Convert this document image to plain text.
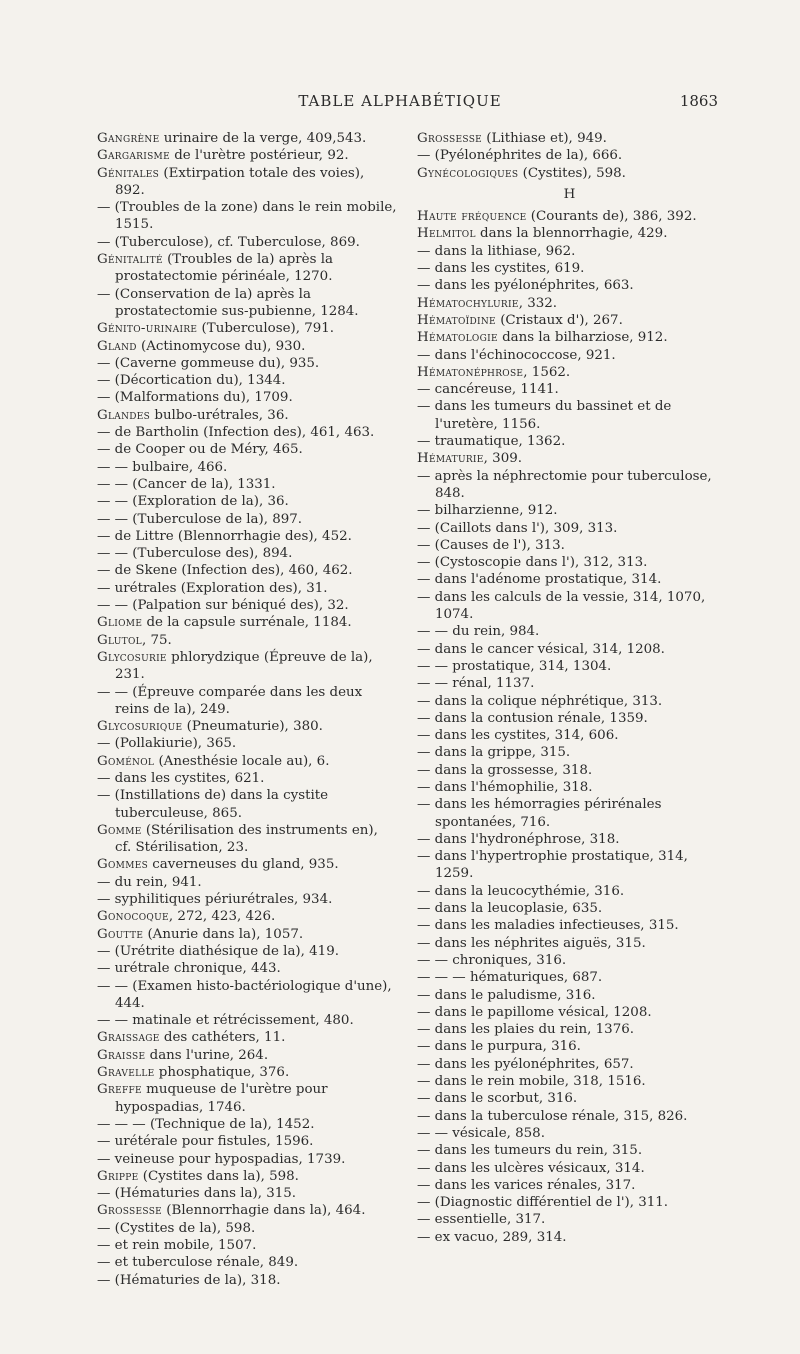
TABLE ALPHABÉTIQUE	1863

Gangrène urinaire de la verge, 409,543.

Gargarisme de l'urètre postérieur, 92.

Génitales (Extirpation totale des voies), 892.

— (Troubles de la zone) dans le rein mobile, 1515.

— (Tuberculose), cf. Tuberculose, 869.

Génitalité (Troubles de la) après la prostatectomie périnéale, 1270.

— (Conservation de la) après la prostatectomie sus-pubienne, 1284.

Génito-urinaire (Tuberculose), 791.

Gland (Actinomycose du), 930.

— (Caverne gommeuse du), 935.

— (Décortication du), 1344.

— (Malformations du), 1709.

Glandes bulbo-urétrales, 36.

— de Bartholin (Infection des), 461, 463.

— de Cooper ou de Méry, 465.

— — bulbaire, 466.

— — (Cancer de la), 1331.

— — (Exploration de la), 36.

— — (Tuberculose de la), 897.

— de Littre (Blennorrhagie des), 452.

— — (Tuberculose des), 894.

— de Skene (Infection des), 460, 462.

— urétrales (Exploration des), 31.

— — (Palpation sur béniqué des), 32.

Gliome de la capsule surrénale, 1184.

Glutol, 75.

Glycosurie phlorydzique (Épreuve de la), 231.

— — (Épreuve comparée dans les deux reins de la), 249.

Glycosurique (Pneumaturie), 380.

— (Pollakiurie), 365.

Goménol (Anesthésie locale au), 6.

— dans les cystites, 621.

— (Instillations de) dans la cystite tuberculeuse, 865.

Gomme (Stérilisation des instruments en), cf. Stérilisation, 23.

Gommes caverneuses du gland, 935.

— du rein, 941.

— syphilitiques périurétrales, 934.

Gonocoque, 272, 423, 426.

Goutte (Anurie dans la), 1057.

— (Urétrite diathésique de la), 419.

— urétrale chronique, 443.

— — (Examen histo-bactériologique d'une), 444.

— — matinale et rétrécissement, 480.

Graissage des cathéters, 11.

Graisse dans l'urine, 264.

Gravelle phosphatique, 376.

Greffe muqueuse de l'urètre pour hypospadias, 1746.

— — — (Technique de la), 1452.

— urétérale pour fistules, 1596.

— veineuse pour hypospadias, 1739.

Grippe (Cystites dans la), 598.

— (Hématuries dans la), 315.

Grossesse (Blennorrhagie dans la), 464.

— (Cystites de la), 598.

— et rein mobile, 1507.

— et tuberculose rénale, 849.

— (Hématuries de la), 318.

Grossesse (Lithiase et), 949.

— (Pyélonéphrites de la), 666.

Gynécologiques (Cystites), 598.

H

Haute fréquence (Courants de), 386, 392.

Helmitol dans la blennorrhagie, 429.

— dans la lithiase, 962.

— dans les cystites, 619.

— dans les pyélonéphrites, 663.

Hématochylurie, 332.

Hématoïdine (Cristaux d'), 267.

Hématologie dans la bilharziose, 912.

— dans l'échinococcose, 921.

Hématonéphrose, 1562.

— cancéreuse, 1141.

— dans les tumeurs du bassinet et de l'uretère, 1156.

— traumatique, 1362.

Hématurie, 309.

— après la néphrectomie pour tuberculose, 848.

— bilharzienne, 912.

— (Caillots dans l'), 309, 313.

— (Causes de l'), 313.

— (Cystoscopie dans l'), 312, 313.

— dans l'adénome prostatique, 314.

— dans les calculs de la vessie, 314, 1070, 1074.

— — du rein, 984.

— dans le cancer vésical, 314, 1208.

— — prostatique, 314, 1304.

— — rénal, 1137.

— dans la colique néphrétique, 313.

— dans la contusion rénale, 1359.

— dans les cystites, 314, 606.

— dans la grippe, 315.

— dans la grossesse, 318.

— dans l'hémophilie, 318.

— dans les hémorragies périrénales spontanées, 716.

— dans l'hydronéphrose, 318.

— dans l'hypertrophie prostatique, 314, 1259.

— dans la leucocythémie, 316.

— dans la leucoplasie, 635.

— dans les maladies infectieuses, 315.

— dans les néphrites aiguës, 315.

— — chroniques, 316.

— — — hématuriques, 687.

— dans le paludisme, 316.

— dans le papillome vésical, 1208.

— dans les plaies du rein, 1376.

— dans le purpura, 316.

— dans les pyélonéphrites, 657.

— dans le rein mobile, 318, 1516.

— dans le scorbut, 316.

— dans la tuberculose rénale, 315, 826.

— — vésicale, 858.

— dans les tumeurs du rein, 315.

— dans les ulcères vésicaux, 314.

— dans les varices rénales, 317.

— (Diagnostic différentiel de l'), 311.

— essentielle, 317.

— ex vacuo, 289, 314.
